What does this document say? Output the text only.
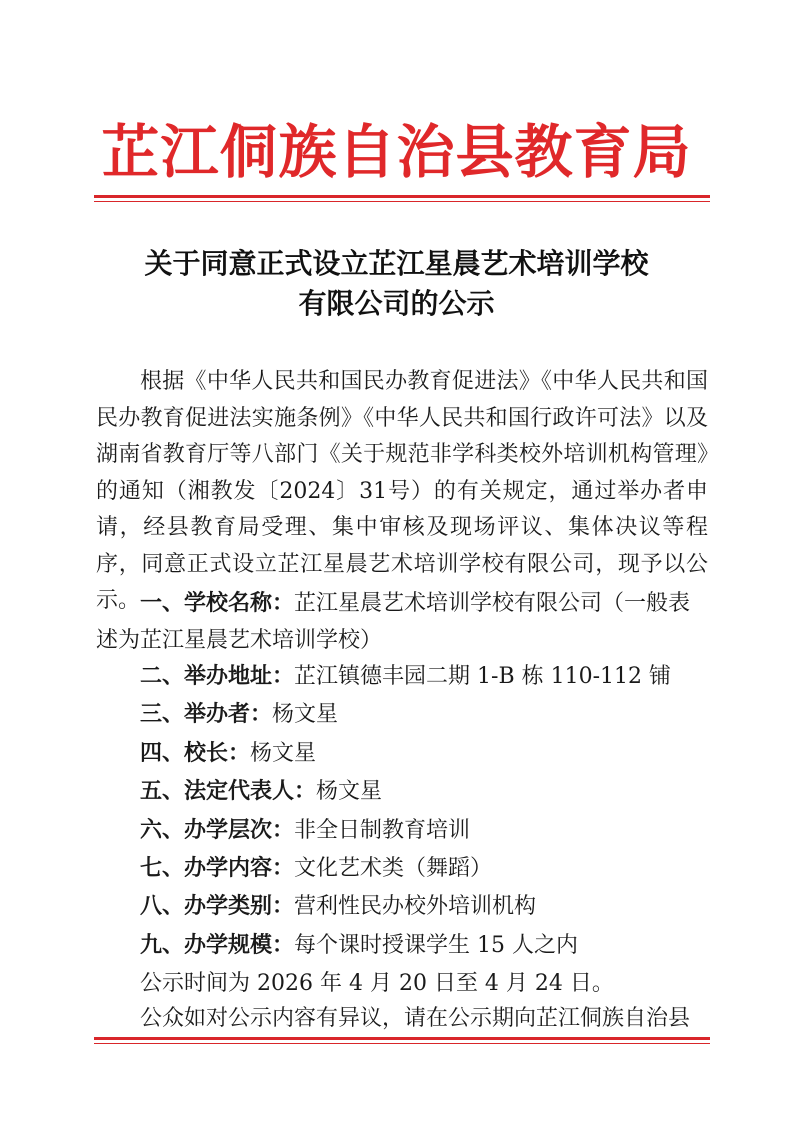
芷江侗族自治县教育局
关于同意正式设立芷江星晨艺术培训学校
有限公司的公示
根据《中华人民共和国民办教育促进法》《中华人民共和国民办教育促进法实施条例》《中华人民共和国行政许可法》以及湖南省教育厅等八部门《关于规范非学科类校外培训机构管理》的通知（湘教发〔2024〕31号）的有关规定，通过举办者申请，经县教育局受理、集中审核及现场评议、集体决议等程序，同意正式设立芷江星晨艺术培训学校有限公司，现予以公示。 一、学校名称：芷江星晨艺术培训学校有限公司（一般表述为芷江星晨艺术培训学校）
二、举办地址：芷江镇德丰园二期 1-B 栋 110-112 铺
三、举办者：杨文星
四、校长：杨文星
五、法定代表人：杨文星
六、办学层次：非全日制教育培训
七、办学内容：文化艺术类（舞蹈）
八、办学类别：营利性民办校外培训机构
九、办学规模：每个课时授课学生 15 人之内
公示时间为 2026 年 4 月 20 日至 4 月 24 日。
公众如对公示内容有异议，请在公示期向芷江侗族自治县
